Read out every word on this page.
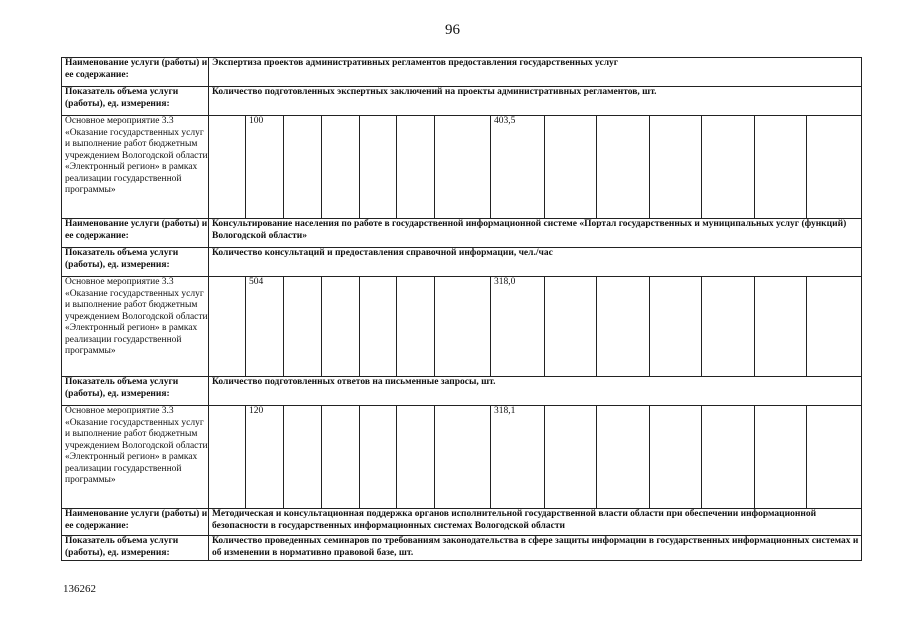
96
Наименование услуги (работы) и ее содержание:	Экспертиза проектов административных регламентов предоставления государственных услуг													
Показатель объема услуги (работы), ед. измерения:	Количество подготовленных экспертных заключений на проекты административных регламентов, шт.													
Основное мероприятие 3.3 «Оказание государственных услуг и выполнение работ бюджетным учреждением Вологодской области «Электронный регион» в рамках реализации государственной программы»		100						403,5						
Наименование услуги (работы) и ее содержание:	Консультирование населения по работе в государственной информационной системе «Портал государственных и муниципальных услуг (функций) Вологодской области»													
Показатель объема услуги (работы), ед. измерения:	Количество консультаций и предоставления справочной информации, чел./час													
Основное мероприятие 3.3 «Оказание государственных услуг и выполнение работ бюджетным учреждением Вологодской области «Электронный регион» в рамках реализации государственной программы»		504						318,0						
Показатель объема услуги (работы), ед. измерения:	Количество подготовленных ответов на письменные запросы, шт.													
Основное мероприятие 3.3 «Оказание государственных услуг и выполнение работ бюджетным учреждением Вологодской области «Электронный регион» в рамках реализации государственной программы»		120						318,1						
Наименование услуги (работы) и ее содержание:	Методическая и консультационная поддержка органов исполнительной государственной власти области при обеспечении информационной безопасности в государственных информационных системах Вологодской области													
Показатель объема услуги (работы), ед. измерения:	Количество проведенных семинаров по требованиям законодательства в сфере защиты информации в государственных информационных системах и об изменении в нормативно правовой базе, шт.													
136262
